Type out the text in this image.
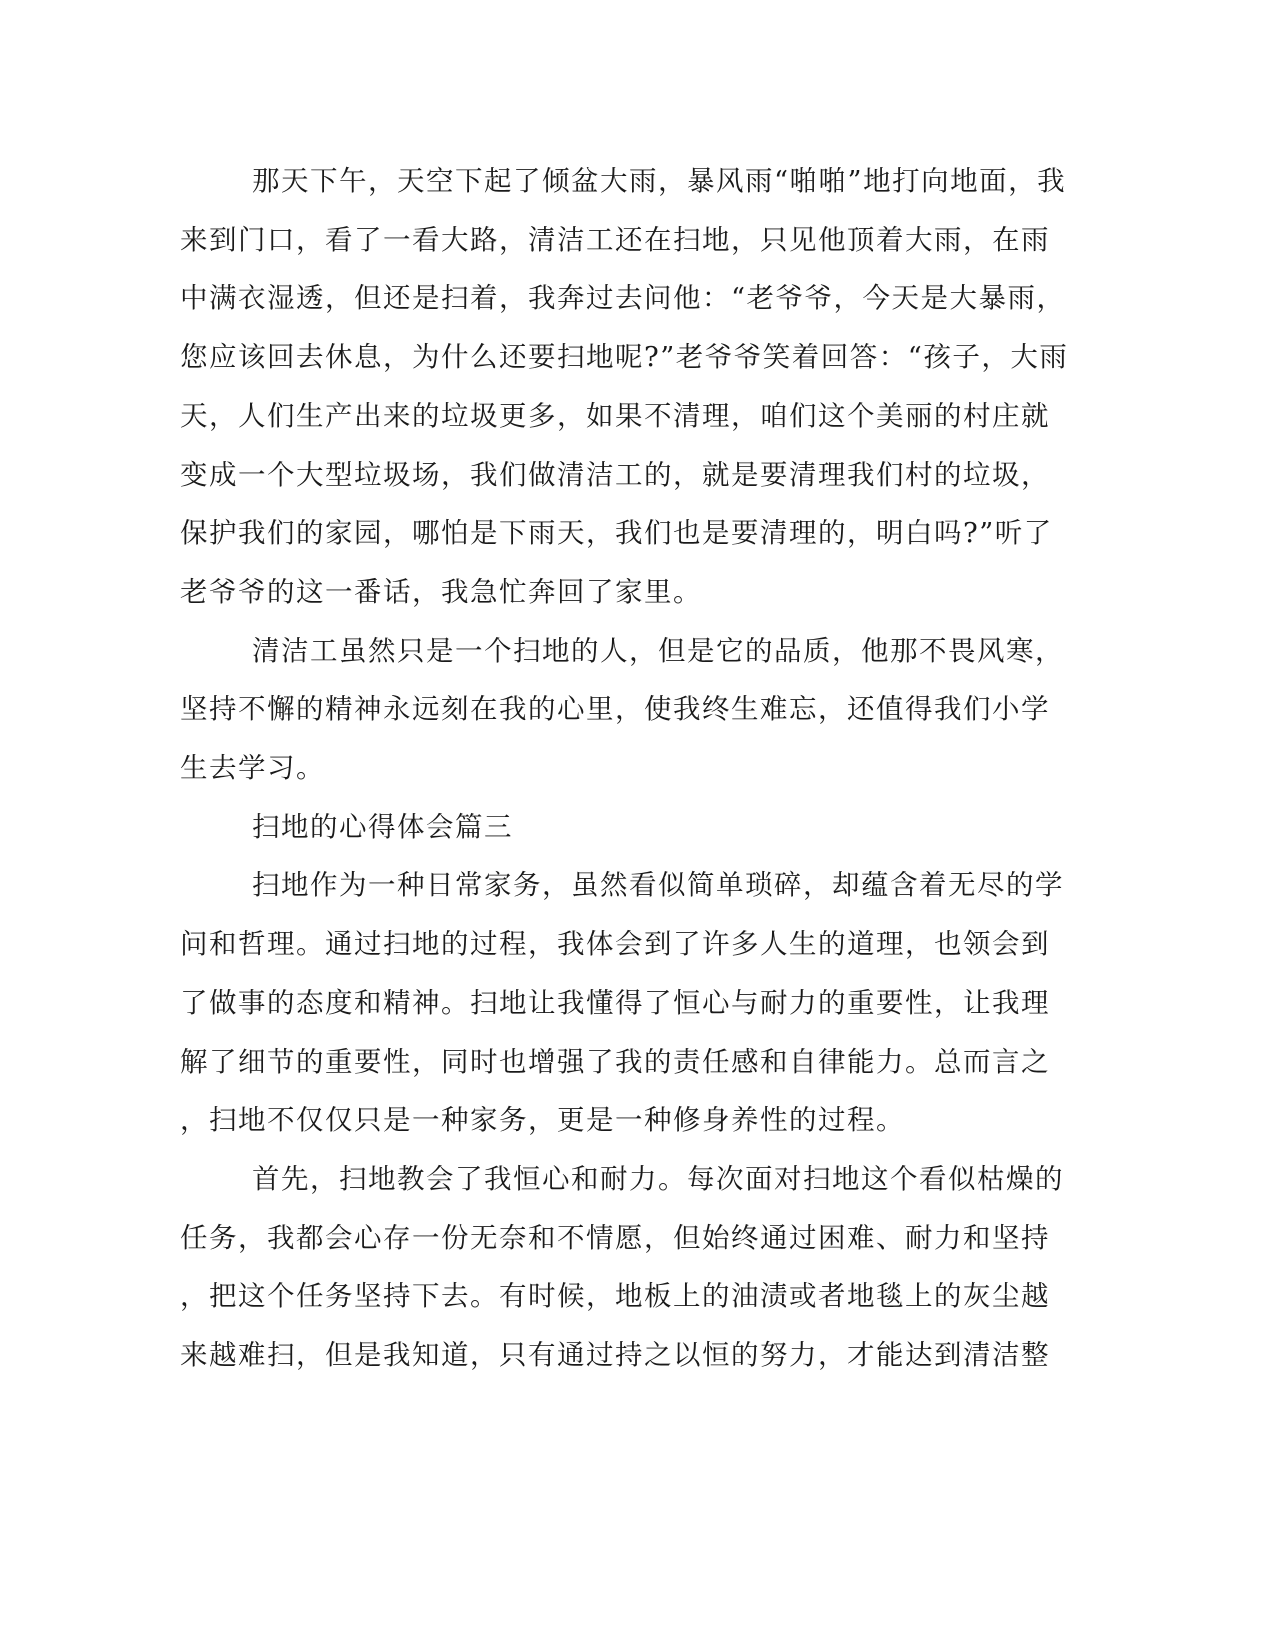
那天下午，天空下起了倾盆大雨，暴风雨“啪啪”地打向地面，我
来到门口，看了一看大路，清洁工还在扫地，只见他顶着大雨，在雨
中满衣湿透，但还是扫着，我奔过去问他：“老爷爷，今天是大暴雨，
您应该回去休息，为什么还要扫地呢?”老爷爷笑着回答：“孩子，大雨
天，人们生产出来的垃圾更多，如果不清理，咱们这个美丽的村庄就
变成一个大型垃圾场，我们做清洁工的，就是要清理我们村的垃圾，
保护我们的家园，哪怕是下雨天，我们也是要清理的，明白吗?”听了
老爷爷的这一番话，我急忙奔回了家里。

清洁工虽然只是一个扫地的人，但是它的品质，他那不畏风寒，
坚持不懈的精神永远刻在我的心里，使我终生难忘，还值得我们小学
生去学习。

扫地的心得体会篇三

扫地作为一种日常家务，虽然看似简单琐碎，却蕴含着无尽的学
问和哲理。通过扫地的过程，我体会到了许多人生的道理，也领会到
了做事的态度和精神。扫地让我懂得了恒心与耐力的重要性，让我理
解了细节的重要性，同时也增强了我的责任感和自律能力。总而言之
，扫地不仅仅只是一种家务，更是一种修身养性的过程。

首先，扫地教会了我恒心和耐力。每次面对扫地这个看似枯燥的
任务，我都会心存一份无奈和不情愿，但始终通过困难、耐力和坚持
，把这个任务坚持下去。有时候，地板上的油渍或者地毯上的灰尘越
来越难扫，但是我知道，只有通过持之以恒的努力，才能达到清洁整
